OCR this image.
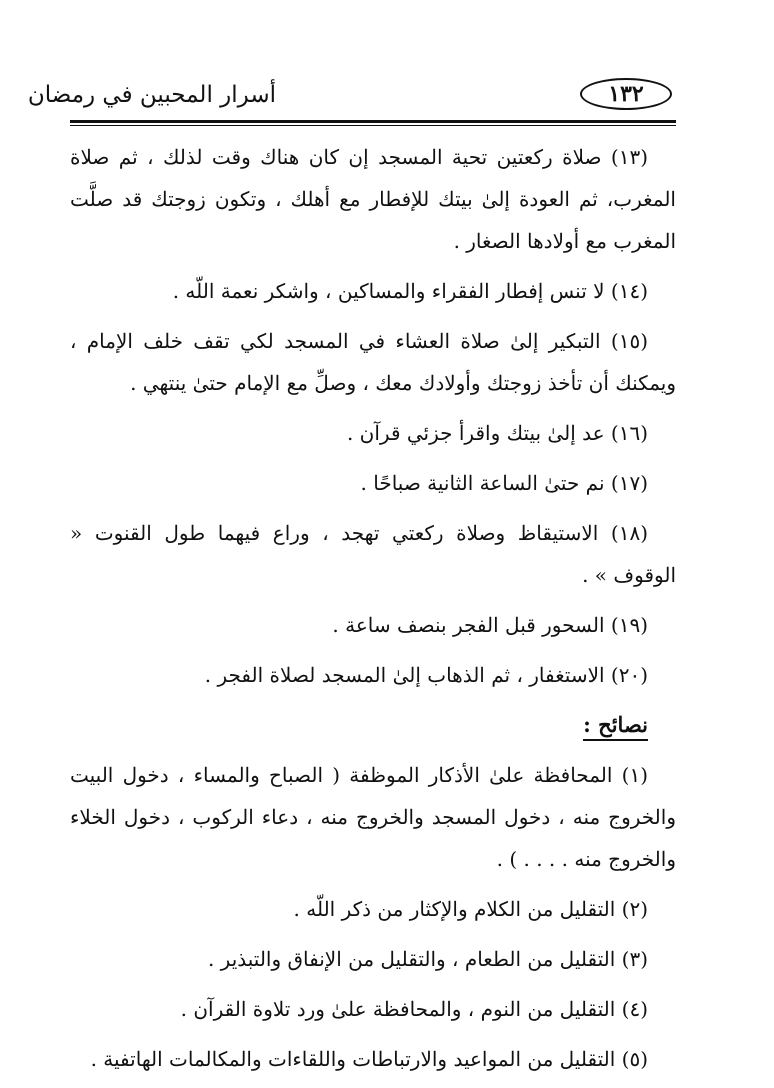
أسرار المحبين في رمضان	١٣٢

(١٣) صلاة ركعتين تحية المسجد إن كان هناك وقت لذلك ، ثم صلاة المغرب، ثم العودة إلىٰ بيتك للإفطار مع أهلك ، وتكون زوجتك قد صلَّت المغرب مع أولادها الصغار .

(١٤) لا تنس إفطار الفقراء والمساكين ، واشكر نعمة اللّه .

(١٥) التبكير إلىٰ صلاة العشاء في المسجد لكي تقف خلف الإمام ، ويمكنك أن تأخذ زوجتك وأولادك معك ، وصلِّ مع الإمام حتىٰ ينتهي .

(١٦) عد إلىٰ بيتك واقرأ جزئي قرآن .

(١٧) نم حتىٰ الساعة الثانية صباحًا .

(١٨) الاستيقاظ وصلاة ركعتي تهجد ، وراع فيهما طول القنوت « الوقوف » .

(١٩) السحور قبل الفجر بنصف ساعة .

(٢٠) الاستغفار ، ثم الذهاب إلىٰ المسجد لصلاة الفجر .

نصائح :

(١) المحافظة علىٰ الأذكار الموظفة ( الصباح والمساء ، دخول البيت والخروج منه ، دخول المسجد والخروج منه ، دعاء الركوب ، دخول الخلاء والخروج منه . . . . ) .

(٢) التقليل من الكلام والإكثار من ذكر اللّه .

(٣) التقليل من الطعام ، والتقليل من الإنفاق والتبذير .

(٤) التقليل من النوم ، والمحافظة علىٰ ورد تلاوة القرآن .

(٥) التقليل من المواعيد والارتباطات واللقاءات والمكالمات الهاتفية .
